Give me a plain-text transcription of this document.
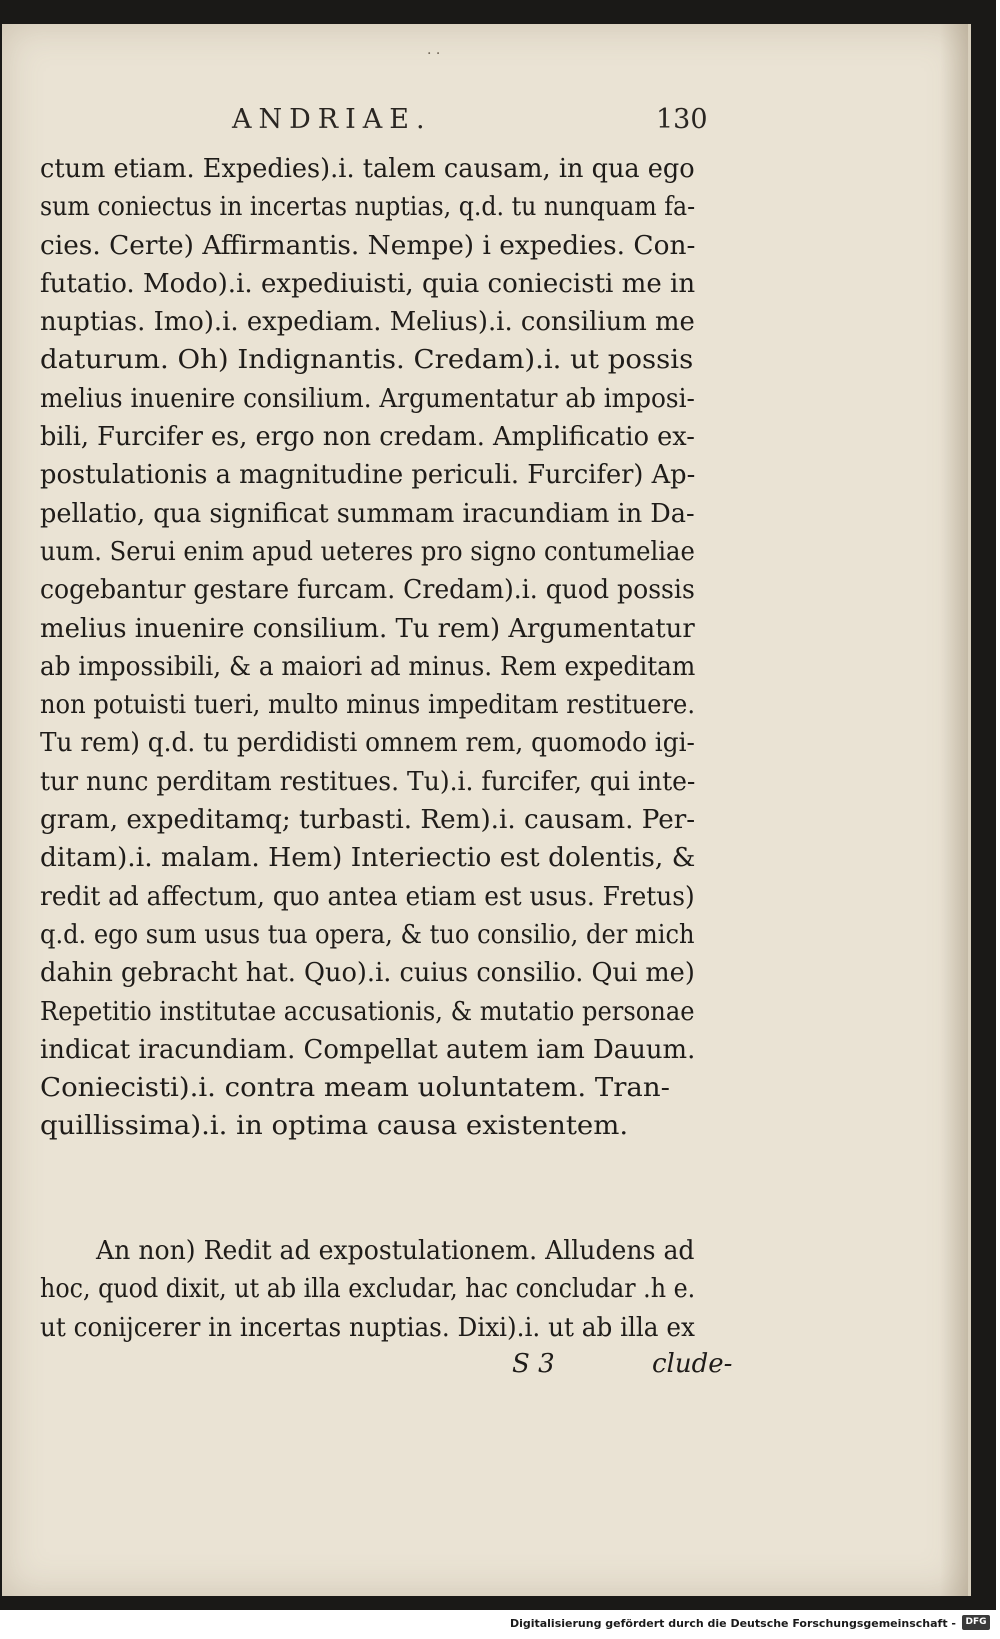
· ·
ANDRIAE.	130
ctum etiam. Expedies).i. talem causam, in qua ego
sum coniectus in incertas nuptias, q.d. tu nunquam fa-
cies. Certe) Affirmantis. Nempe) i expedies. Con-
futatio. Modo).i. expediuisti, quia coniecisti me in
nuptias. Imo).i. expediam. Melius).i. consilium me
daturum. Oh) Indignantis. Credam).i. ut possis
melius inuenire consilium. Argumentatur ab imposi-
bili, Furcifer es, ergo non credam. Amplificatio ex-
postulationis a magnitudine periculi. Furcifer) Ap-
pellatio, qua significat summam iracundiam in Da-
uum. Serui enim apud ueteres pro signo contumeliae
cogebantur gestare furcam. Credam).i. quod possis
melius inuenire consilium. Tu rem) Argumentatur
ab impossibili, & a maiori ad minus. Rem expeditam
non potuisti tueri, multo minus impeditam restituere.
Tu rem) q.d. tu perdidisti omnem rem, quomodo igi-
tur nunc perditam restitues. Tu).i. furcifer, qui inte-
gram, expeditamq; turbasti. Rem).i. causam. Per-
ditam).i. malam. Hem) Interiectio est dolentis, &
redit ad affectum, quo antea etiam est usus. Fretus)
q.d. ego sum usus tua opera, & tuo consilio, der mich
dahin gebracht hat. Quo).i. cuius consilio. Qui me)
Repetitio institutae accusationis, & mutatio personae
indicat iracundiam. Compellat autem iam Dauum.
Coniecisti).i. contra meam uoluntatem. Tran-
quillissima).i. in optima causa existentem.
An non) Redit ad expostulationem. Alludens ad
hoc, quod dixit, ut ab illa excludar, hac concludar .h e.
ut conijcerer in incertas nuptias. Dixi).i. ut ab illa ex
S 3	clude-
Digitalisierung gefördert durch die Deutsche Forschungsgemeinschaft -	DFG
